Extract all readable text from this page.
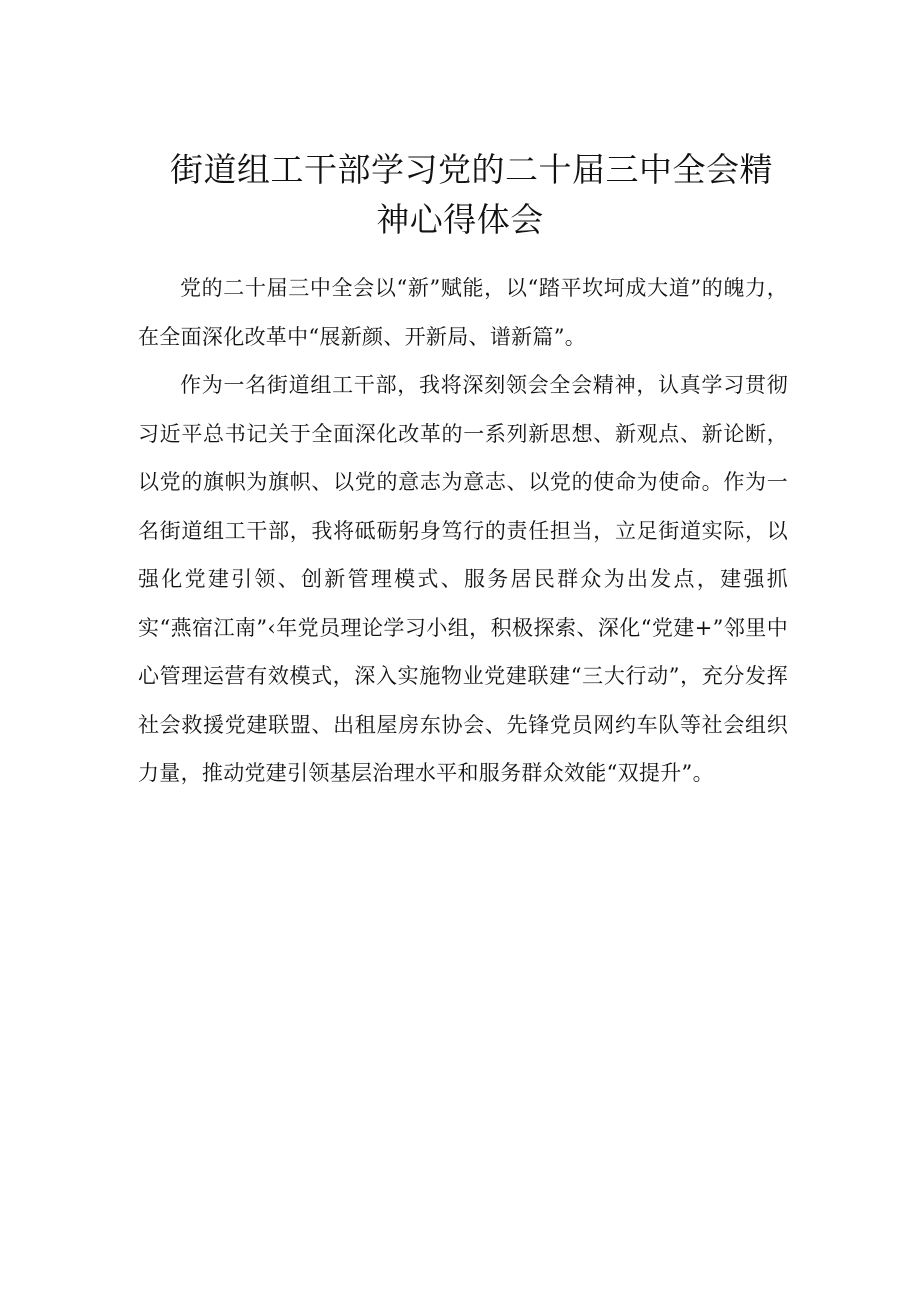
街道组工干部学习党的二十届三中全会精
神心得体会

党的二十届三中全会以“新”赋能，以“踏平坎坷成大道”的魄力，在全面深化改革中“展新颜、开新局、谱新篇”。

作为一名街道组工干部，我将深刻领会全会精神，认真学习贯彻习近平总书记关于全面深化改革的一系列新思想、新观点、新论断，以党的旗帜为旗帜、以党的意志为意志、以党的使命为使命。作为一名街道组工干部，我将砥砺躬身笃行的责任担当，立足街道实际，以强化党建引领、创新管理模式、服务居民群众为出发点，建强抓实“燕宿江南”‹年党员理论学习小组，积极探索、深化“党建+”邻里中心管理运营有效模式，深入实施物业党建联建“三大行动”，充分发挥社会救援党建联盟、出租屋房东协会、先锋党员网约车队等社会组织力量，推动党建引领基层治理水平和服务群众效能“双提升”。
